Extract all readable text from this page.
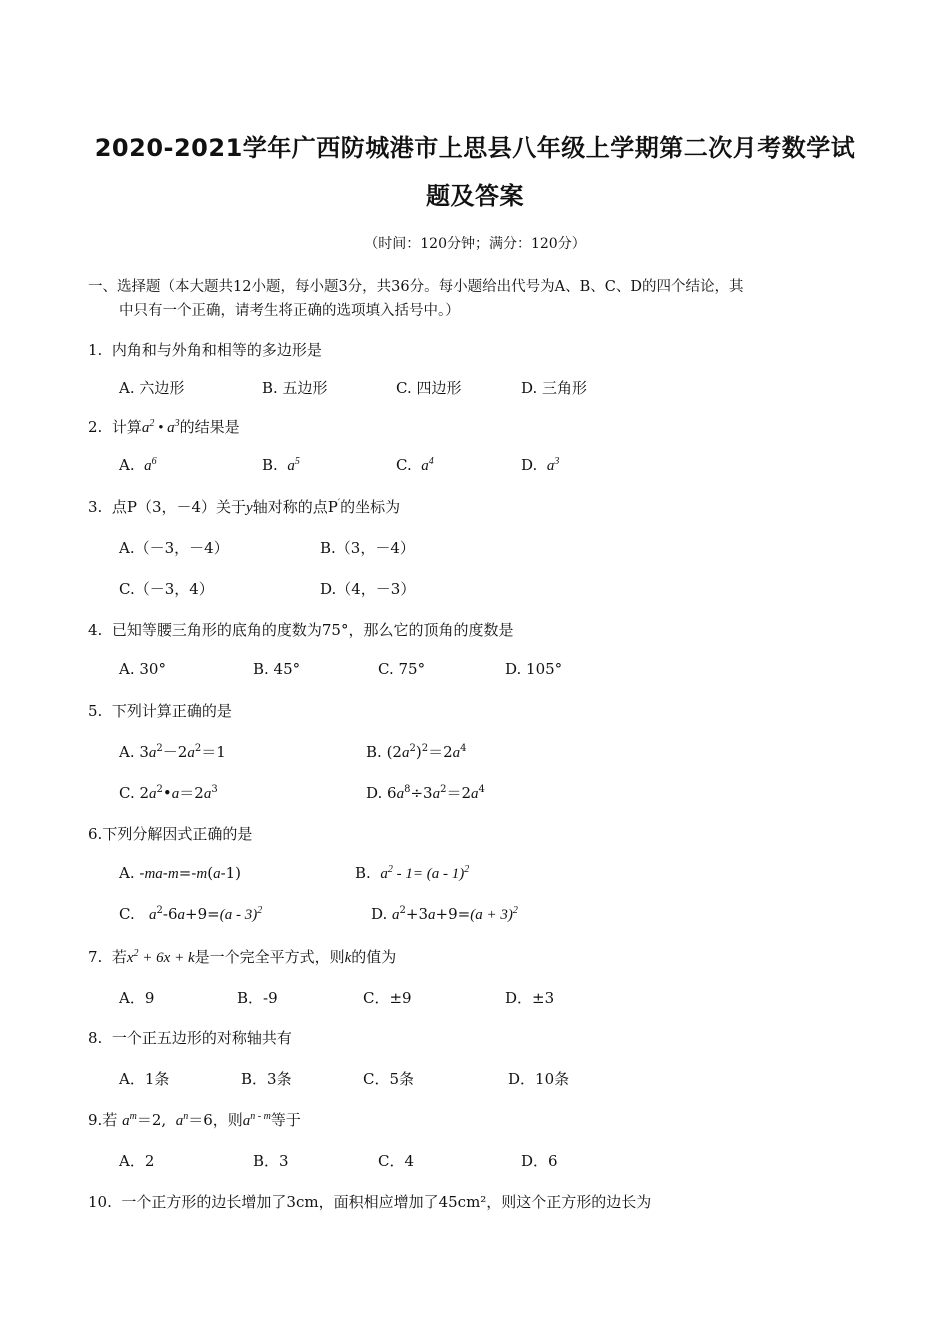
2020-2021学年广西防城港市上思县八年级上学期第二次月考数学试
题及答案
（时间：120分钟；满分：120分）
一、选择题（本大题共12小题，每小题3分，共36分。每小题给出代号为A、B、C、D的四个结论，其
中只有一个正确，请考生将正确的选项填入括号中。）
1. 内角和与外角和相等的多边形是
A. 六边形	B. 五边形	C. 四边形	D. 三角形
2. 计算$a^2$ • $a^3$的结果是
A. $a^6$	B. $a^5$	C. $a^4$	D. $a^3$
3. 点P（3，－4）关于y轴对称的点P′的坐标为
A.（－3，－4）	B.（3，－4）
C.（－3，4）	D.（4，－3）
4. 已知等腰三角形的底角的度数为75°，那么它的顶角的度数是
A. 30°	B. 45°	C. 75°	D. 105°
5. 下列计算正确的是
A. $3a^2-2a^2=1$	B. $(2a^2)^2=2a^4$
C. $2a^2•a=2a^3$	D. $6a^8\div 3a^2=2a^4$
6.下列分解因式正确的是
A. -ma-m=-m(a-1)	B. $a^2 - 1= (a - 1)^2$
C. $a^2-6a+9=(a - 3)^2$	D. $a^2+3a+9=(a + 3)^2$
7. 若$x^2 + 6x + k$是一个完全平方式，则k的值为
A．9	B．-9	C．±9	D．±3
8. 一个正五边形的对称轴共有
A．1条	B．3条	C．5条	D．10条
9.若 $a^m=2$,  $a^n=6$，则$a^{n - m}$等于
A．2	B．3	C．4	D．6
10. 一个正方形的边长增加了3cm，面积相应增加了45cm²，则这个正方形的边长为
